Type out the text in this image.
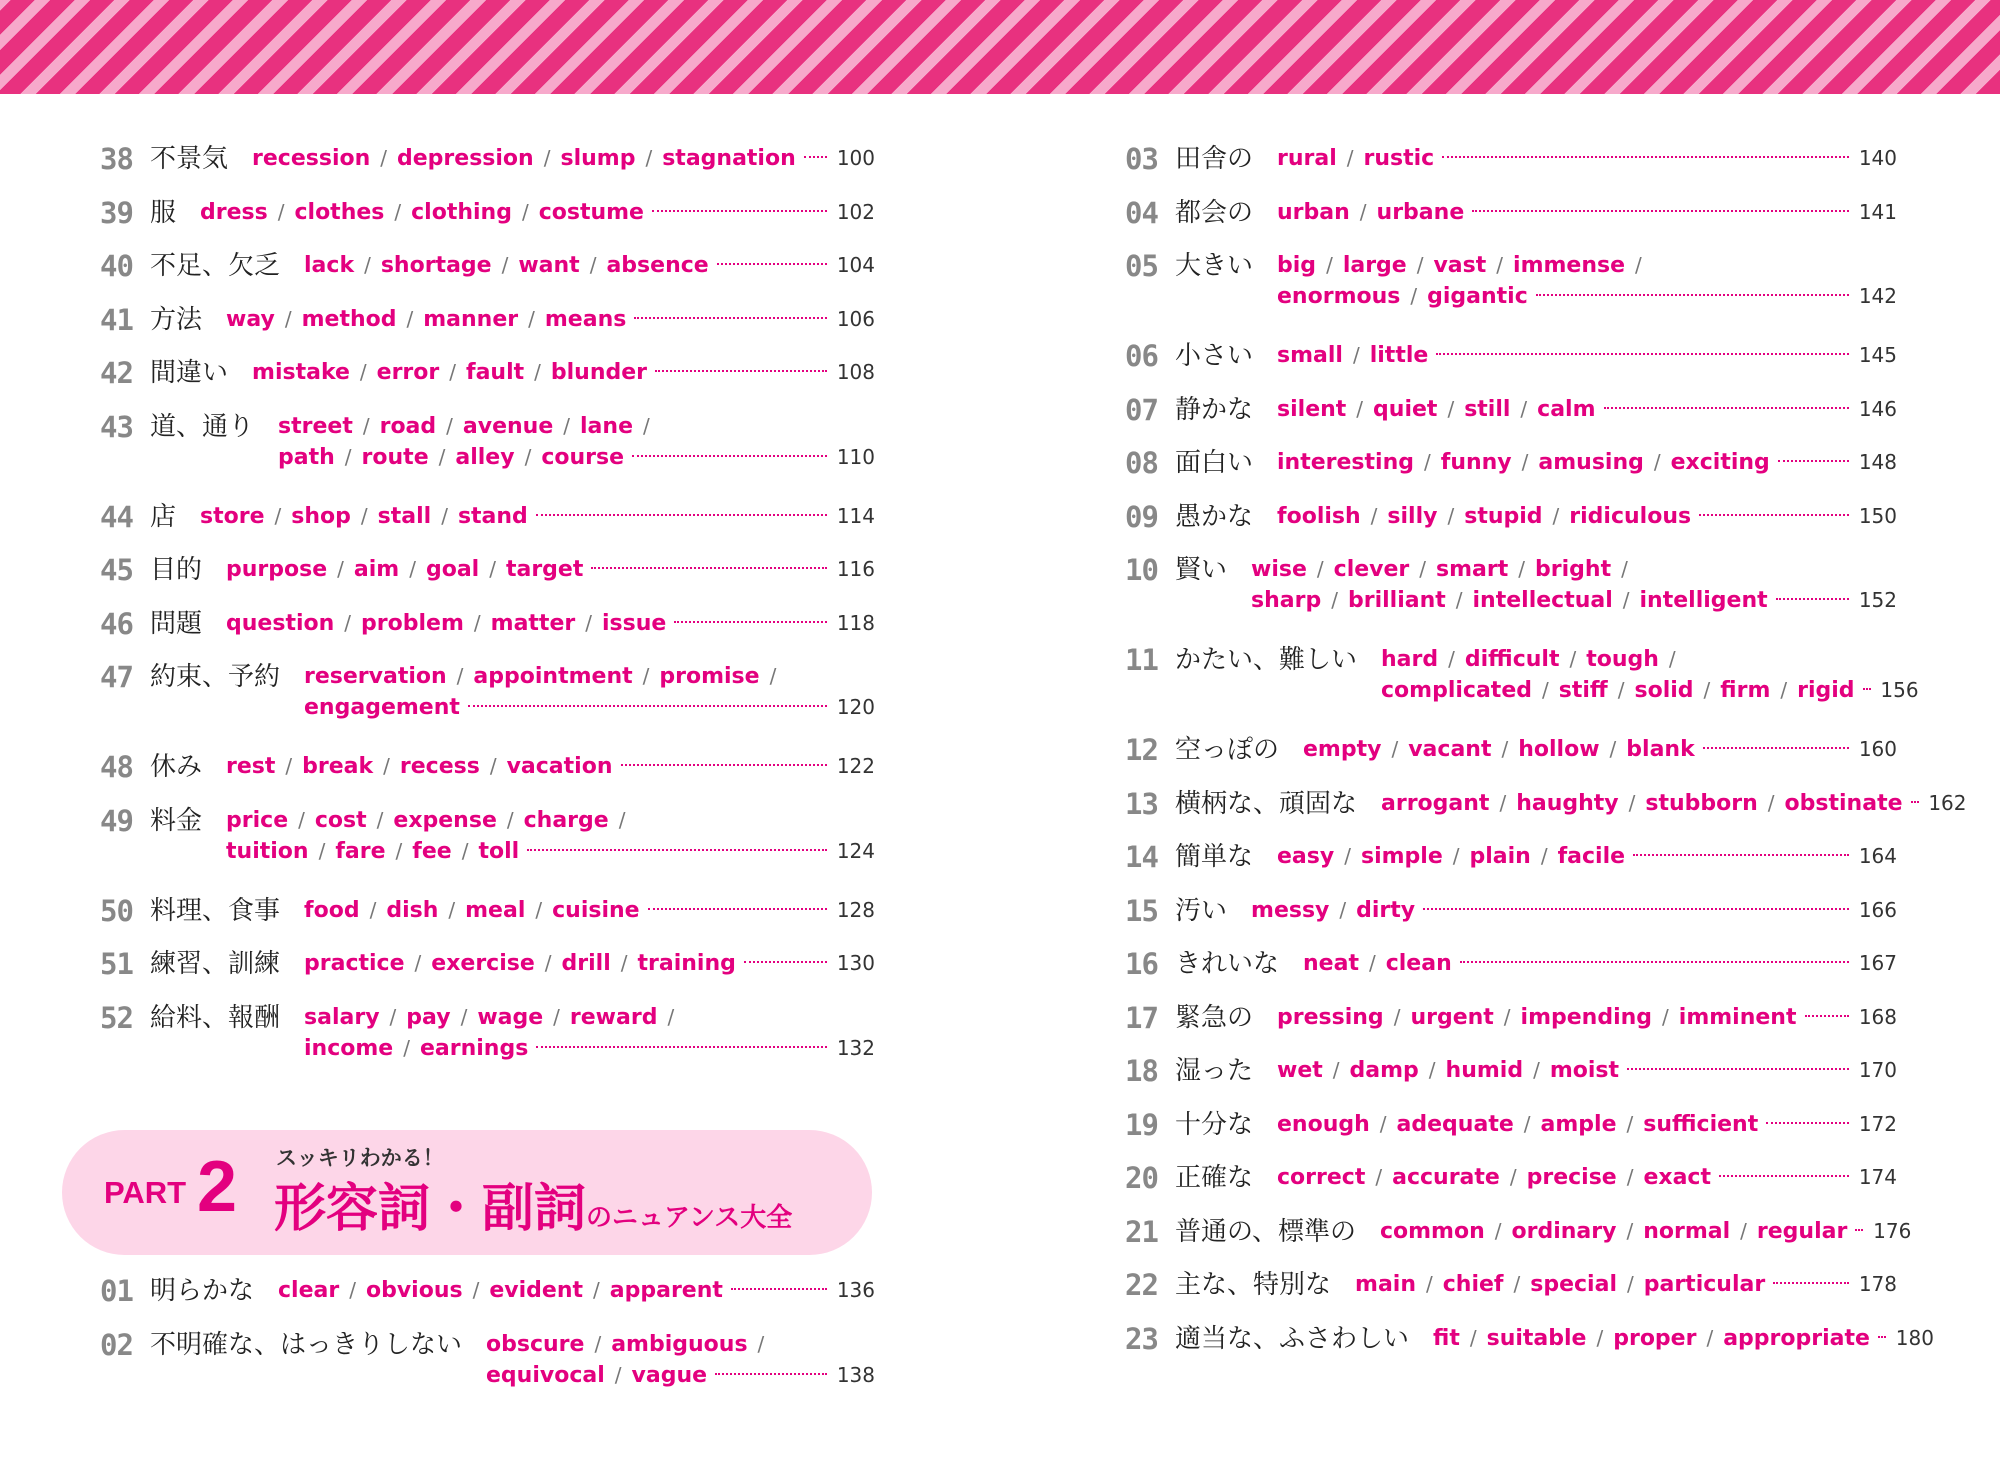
38 不景気 recession / depression / slump / stagnation 100
39 服 dress / clothes / clothing / costume	102
40 不足、欠乏 lack / shortage / want / absence	104
41 方法 way / method / manner / means	106
42 間違い mistake / error / fault / blunder	108
43 道、通り street / road / avenue / lane /
path / route / alley / course	110
44 店 store / shop / stall / stand	114
45 目的 purpose / aim / goal / target	116
46 問題 question / problem / matter / issue	118
47 約束、予約 reservation / appointment / promise /
engagement	120
48 休み rest / break / recess / vacation	122
49 料金 price / cost / expense / charge /
tuition / fare / fee / toll	124
50 料理、食事 food / dish / meal / cuisine	128
51 練習、訓練 practice / exercise / drill / training	130
52 給料、報酬 salary / pay / wage / reward /
income / earnings	132
PART 2 スッキリわかる！
形容詞・副詞のニュアンス大全
01 明らかな clear / obvious / evident / apparent	136
02 不明確な、はっきりしない obscure / ambiguous /
equivocal / vague	138
03 田舎の rural / rustic	140
04 都会の urban / urbane	141
05 大きい big / large / vast / immense /
enormous / gigantic	142
06 小さい small / little	145
07 静かな silent / quiet / still / calm	146
08 面白い interesting / funny / amusing / exciting	148
09 愚かな foolish / silly / stupid / ridiculous	150
10 賢い wise / clever / smart / bright /
sharp / brilliant / intellectual / intelligent	152
11 かたい、難しい hard / difficult / tough /
complicated / stiff / solid / firm / rigid 156
12 空っぽの empty / vacant / hollow / blank	160
13 横柄な、頑固な arrogant / haughty / stubborn / obstinate 162
14 簡単な easy / simple / plain / facile	164
15 汚い messy / dirty	166
16 きれいな neat / clean	167
17 緊急の pressing / urgent / impending / imminent	168
18 湿った wet / damp / humid / moist	170
19 十分な enough / adequate / ample / sufficient	172
20 正確な correct / accurate / precise / exact	174
21 普通の、標準の common / ordinary / normal / regular 176
22 主な、特別な main / chief / special / particular	178
23 適当な、ふさわしい fit / suitable / proper / appropriate 180
